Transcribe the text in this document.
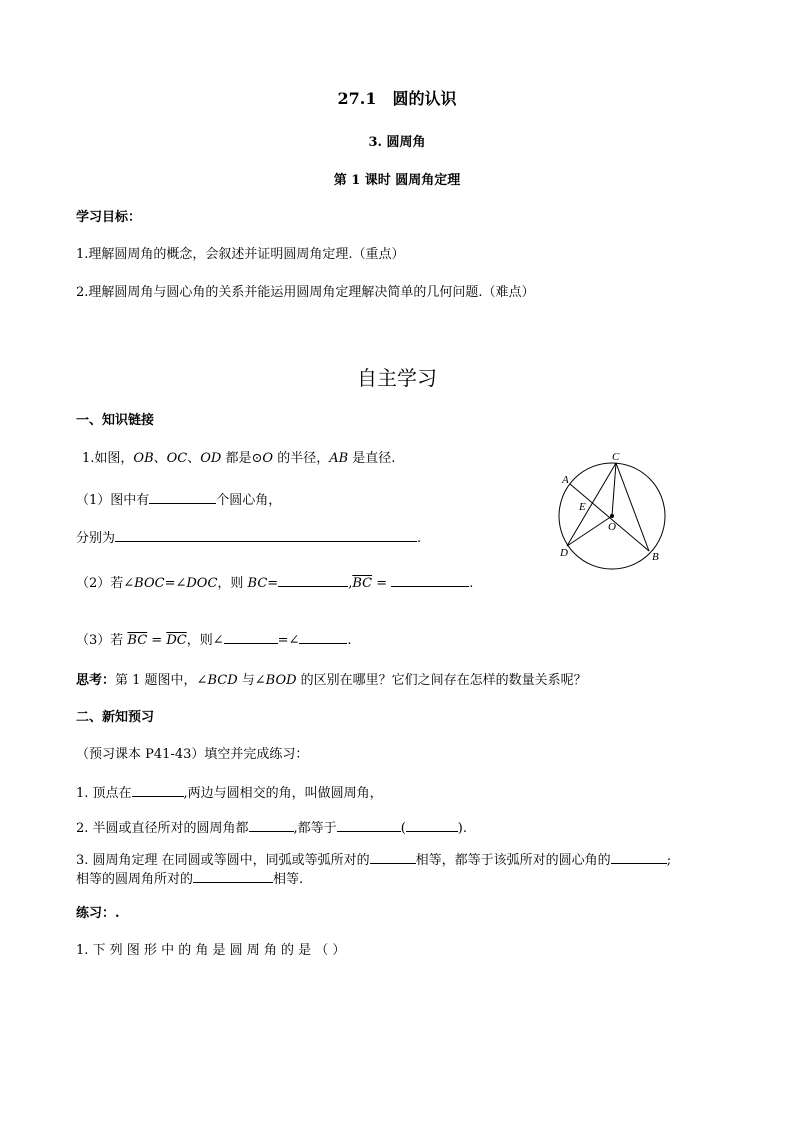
27.1　圆的认识
3. 圆周角
第 1 课时 圆周角定理
学习目标：
1.理解圆周角的概念，会叙述并证明圆周角定理.（重点）
2.理解圆周角与圆心角的关系并能运用圆周角定理解决简单的几何问题.（难点）
自主学习
一、知识链接
1.如图，OB、OC、OD 都是⊙O 的半径，AB 是直径.
（1）图中有	个圆心角，
分别为	.
（2）若∠BOC=∠DOC，则 BC=	$,\overline{BC}$ =	.
（3）若 $\overline{BC} = \overline{DC}$，则∠	=∠	.
思考：第 1 题图中，∠BCD 与∠BOD 的区别在哪里？它们之间存在怎样的数量关系呢？
C
A
E
O
D	B
二、新知预习
（预习课本 P41-43）填空并完成练习：
1. 顶点在	,两边与圆相交的角，叫做圆周角，
2. 半圆或直径所对的圆周角都	,都等于	(	).
3. 圆周角定理 在同圆或等圆中，同弧或等弧所对的	相等，都等于该弧所对的圆心角的	;
相等的圆周角所对的	相等.
练习：.
1. 下 列 图 形 中 的 角 是 圆 周 角 的 是 （ ）
